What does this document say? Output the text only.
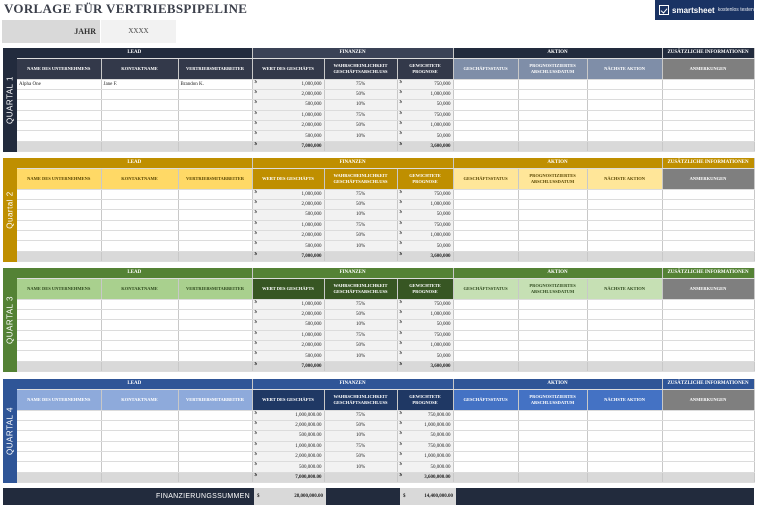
VORLAGE FÜR VERTRIEBSPIPELINE
JAHR	XXXX
smartsheet kostenlos testen
QUARTAL 1
LEAD			FINANZEN			AKTION			ZUSÄTZLICHE INFORMATIONEN
NAME DES UNTERNEHMENS	KONTAKTNAME	VERTRIEBSMITARBEITER	WERT DES GESCHÄFTS	WAHRSCHEINLICHKEIT GESCHÄFTSABSCHLUSS	GEWICHTETE PROGNOSE	GESCHÄFTSSTATUS	PROGNOSTIZIERTES ABSCHLUSSDATUM	NÄCHSTE AKTION	ANMERKUNGEN
Alpha One	Jane F.	Brandon K.	$ 1,000,000	75%	$ 750,000				

			$ 2,000,000	50%	$ 1,000,000				

			$ 500,000	10%	$ 50,000				

			$ 1,000,000	75%	$ 750,000				

			$ 2,000,000	50%	$ 1,000,000				

			$ 500,000	10%	$ 50,000				

			$ 7,000,000		$ 3,600,000				

Quartal 2
LEAD			FINANZEN			AKTION			ZUSÄTZLICHE INFORMATIONEN
NAME DES UNTERNEHMENS	KONTAKTNAME	VERTRIEBSMITARBEITER	WERT DES GESCHÄFTS	WAHRSCHEINLICHKEIT GESCHÄFTSABSCHLUSS	GEWICHTETE PROGNOSE	GESCHÄFTSSTATUS	PROGNOSTIZIERTES ABSCHLUSSDATUM	NÄCHSTE AKTION	ANMERKUNGEN

			$ 1,000,000	75%	$ 750,000				

			$ 2,000,000	50%	$ 1,000,000				

			$ 500,000	10%	$ 50,000				

			$ 1,000,000	75%	$ 750,000				

			$ 2,000,000	50%	$ 1,000,000				

			$ 500,000	10%	$ 50,000				

			$ 7,000,000		$ 3,600,000				

QUARTAL 3
LEAD			FINANZEN			AKTION			ZUSÄTZLICHE INFORMATIONEN
NAME DES UNTERNEHMENS	KONTAKTNAME	VERTRIEBSMITARBEITER	WERT DES GESCHÄFTS	WAHRSCHEINLICHKEIT GESCHÄFTSABSCHLUSS	GEWICHTETE PROGNOSE	GESCHÄFTSSTATUS	PROGNOSTIZIERTES ABSCHLUSSDATUM	NÄCHSTE AKTION	ANMERKUNGEN

			$ 1,000,000	75%	$ 750,000				

			$ 2,000,000	50%	$ 1,000,000				

			$ 500,000	10%	$ 50,000				

			$ 1,000,000	75%	$ 750,000				

			$ 2,000,000	50%	$ 1,000,000				

			$ 500,000	10%	$ 50,000				

			$ 7,000,000		$ 3,600,000				

QUARTAL 4
LEAD			FINANZEN			AKTION			ZUSÄTZLICHE INFORMATIONEN
NAME DES UNTERNEHMENS	KONTAKTNAME	VERTRIEBSMITARBEITER	WERT DES GESCHÄFTS	WAHRSCHEINLICHKEIT GESCHÄFTSABSCHLUSS	GEWICHTETE PROGNOSE	GESCHÄFTSSTATUS	PROGNOSTIZIERTES ABSCHLUSSDATUM	NÄCHSTE AKTION	ANMERKUNGEN

			$ 1,000,000.00	75%	$ 750,000.00				

			$ 2,000,000.00	50%	$ 1,000,000.00				

			$ 500,000.00	10%	$ 50,000.00				

			$ 1,000,000.00	75%	$ 750,000.00				

			$ 2,000,000.00	50%	$ 1,000,000.00				

			$ 500,000.00	10%	$ 50,000.00				

			$ 7,000,000.00		$ 3,600,000.00				

FINANZIERUNGSSUMMEN	$	28,000,000.00	$	14,400,000.00
